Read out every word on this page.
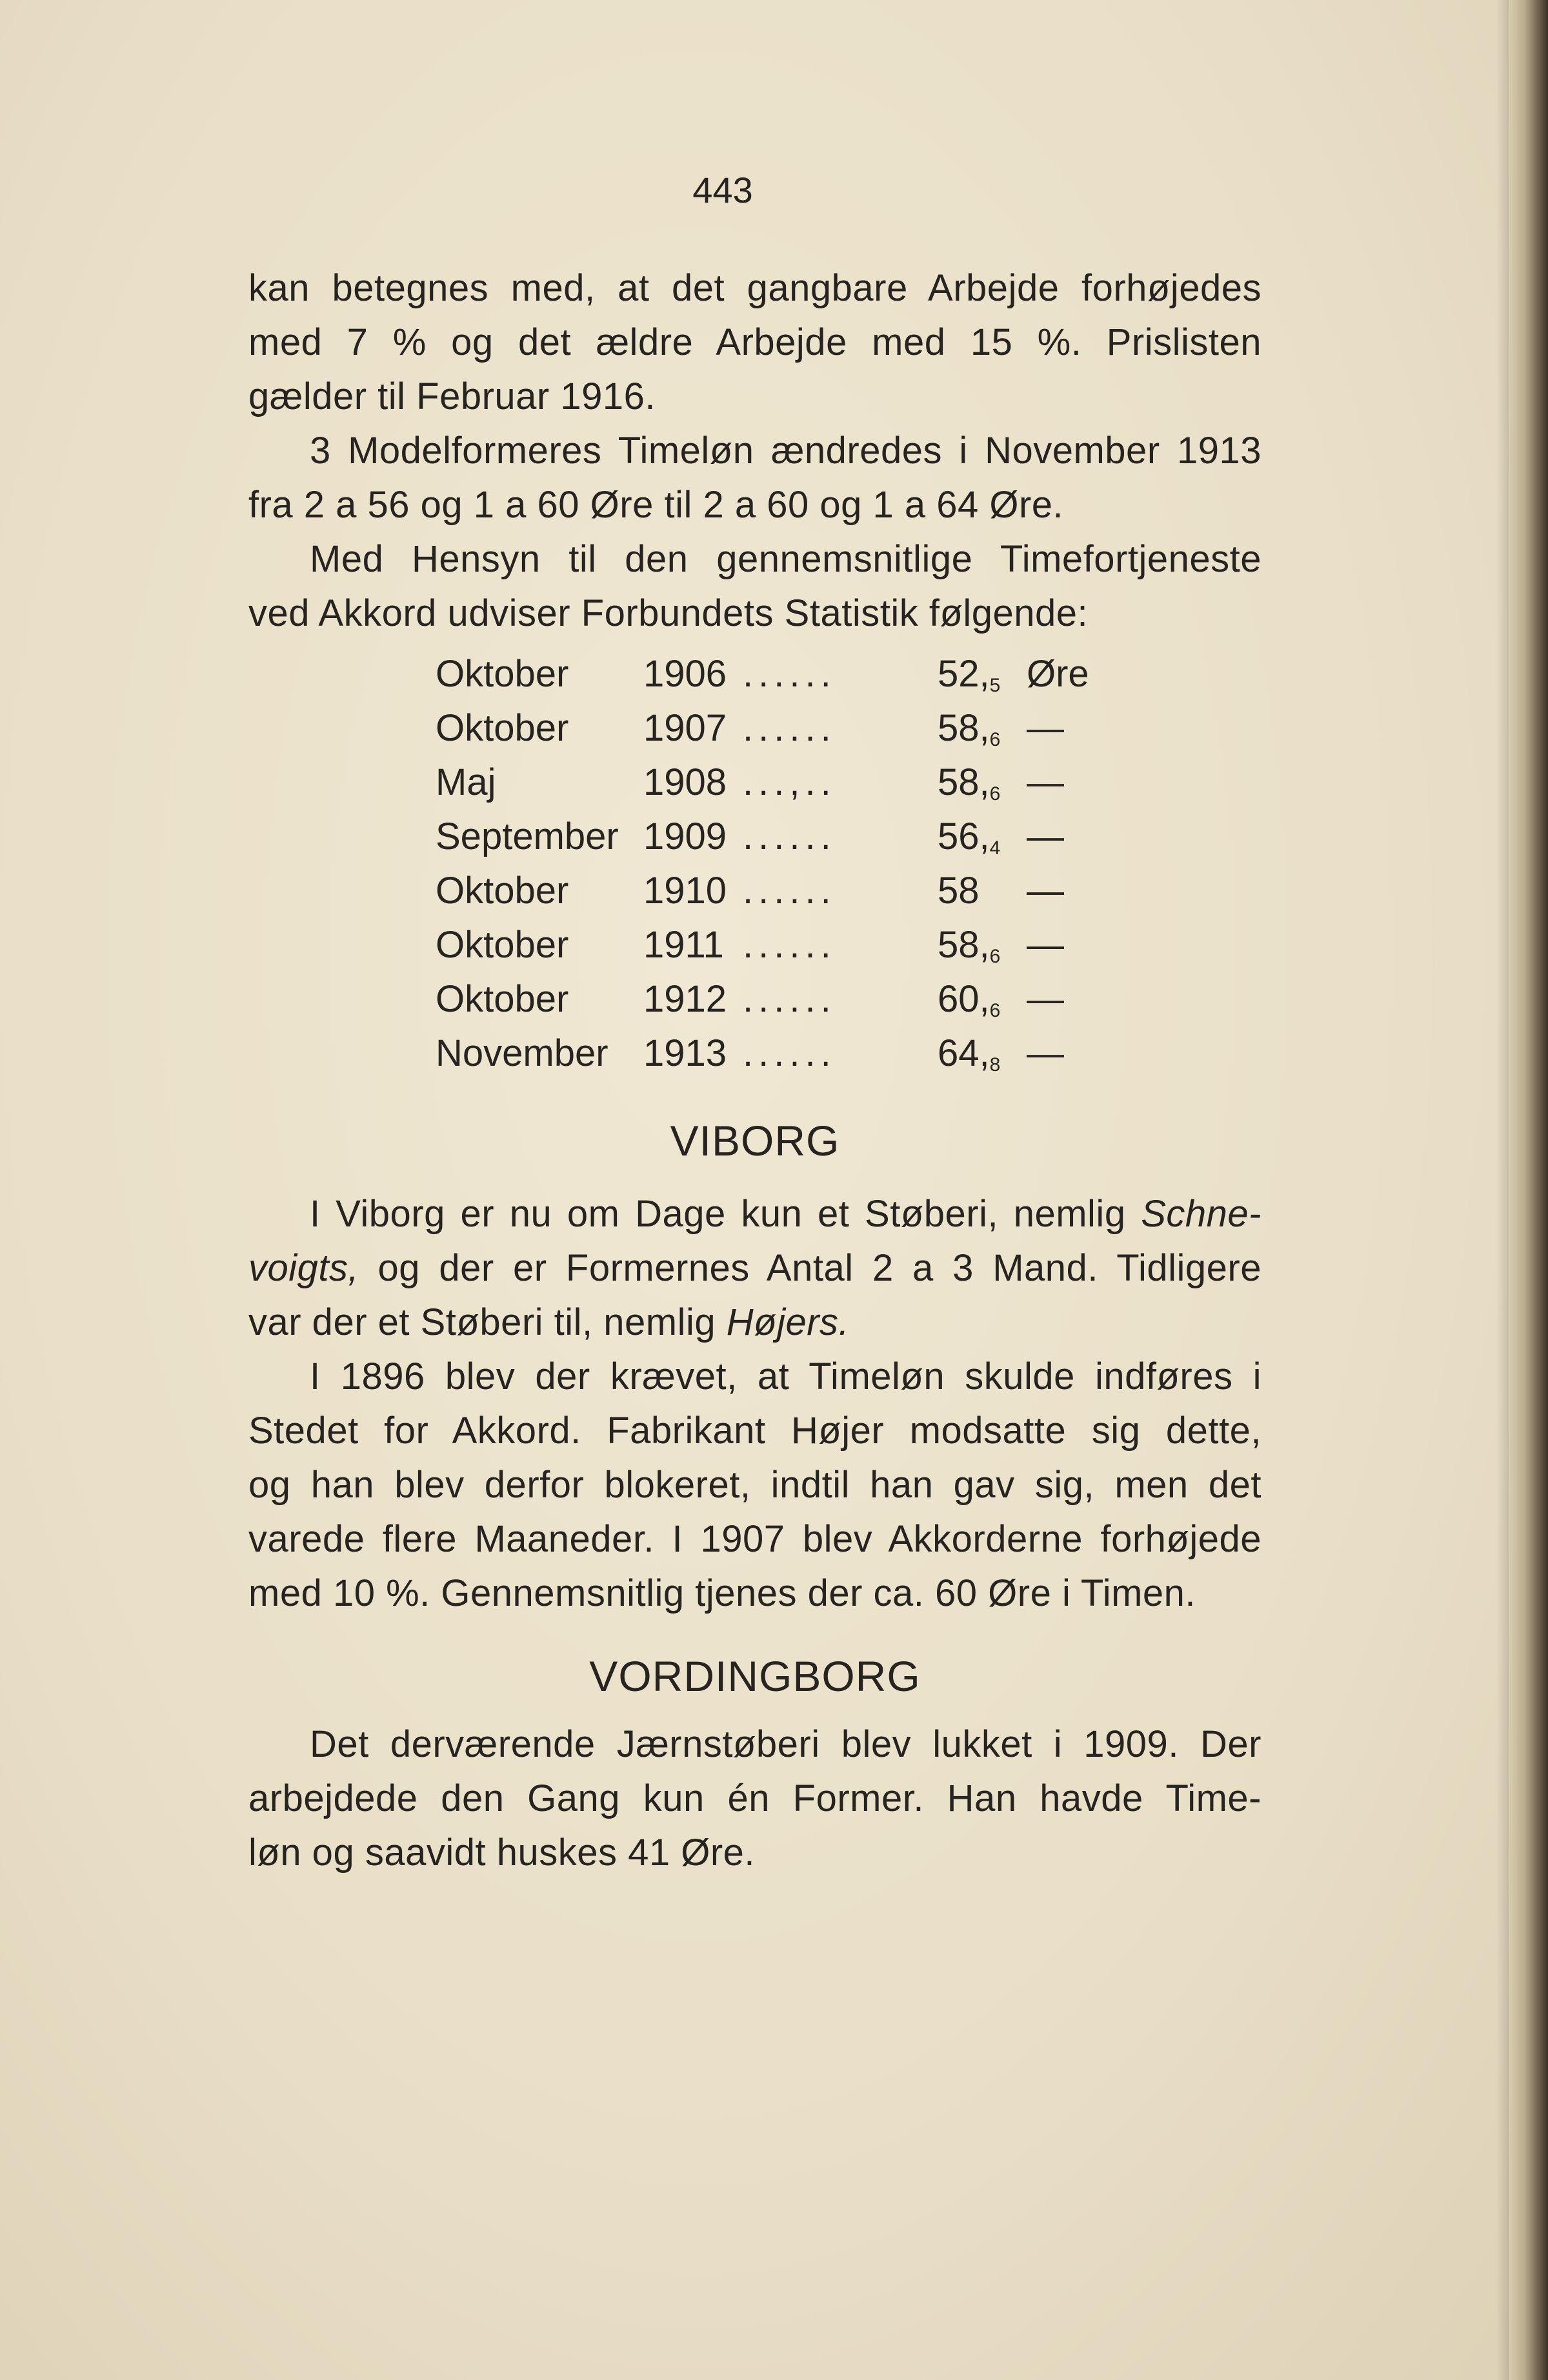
443
kan betegnes med, at det gangbare Arbejde forhøjedes
med 7 % og det ældre Arbejde med 15 %. Prislisten
gælder til Februar 1916.
3 Modelformeres Timeløn ændredes i November 1913
fra 2 a 56 og 1 a 60 Øre til 2 a 60 og 1 a 64 Øre.
Med Hensyn til den gennemsnitlige Timefortjeneste
ved Akkord udviser Forbundets Statistik følgende:
Oktober	1906	......	52,5	Øre
Oktober	1907	......	58,6	—
Maj	1908	...,..	58,6	—
September	1909	......	56,4	—
Oktober	1910	......	58	—
Oktober	1911	......	58,6	—
Oktober	1912	......	60,6	—
November	1913	......	64,8	—
VIBORG
I Viborg er nu om Dage kun et Støberi, nemlig Schne-
voigts, og der er Formernes Antal 2 a 3 Mand. Tidligere
var der et Støberi til, nemlig Højers.
I 1896 blev der krævet, at Timeløn skulde indføres i
Stedet for Akkord. Fabrikant Højer modsatte sig dette,
og han blev derfor blokeret, indtil han gav sig, men det
varede flere Maaneder. I 1907 blev Akkorderne forhøjede
med 10 %. Gennemsnitlig tjenes der ca. 60 Øre i Timen.
VORDINGBORG
Det derværende Jærnstøberi blev lukket i 1909. Der
arbejdede den Gang kun én Former. Han havde Time-
løn og saavidt huskes 41 Øre.
